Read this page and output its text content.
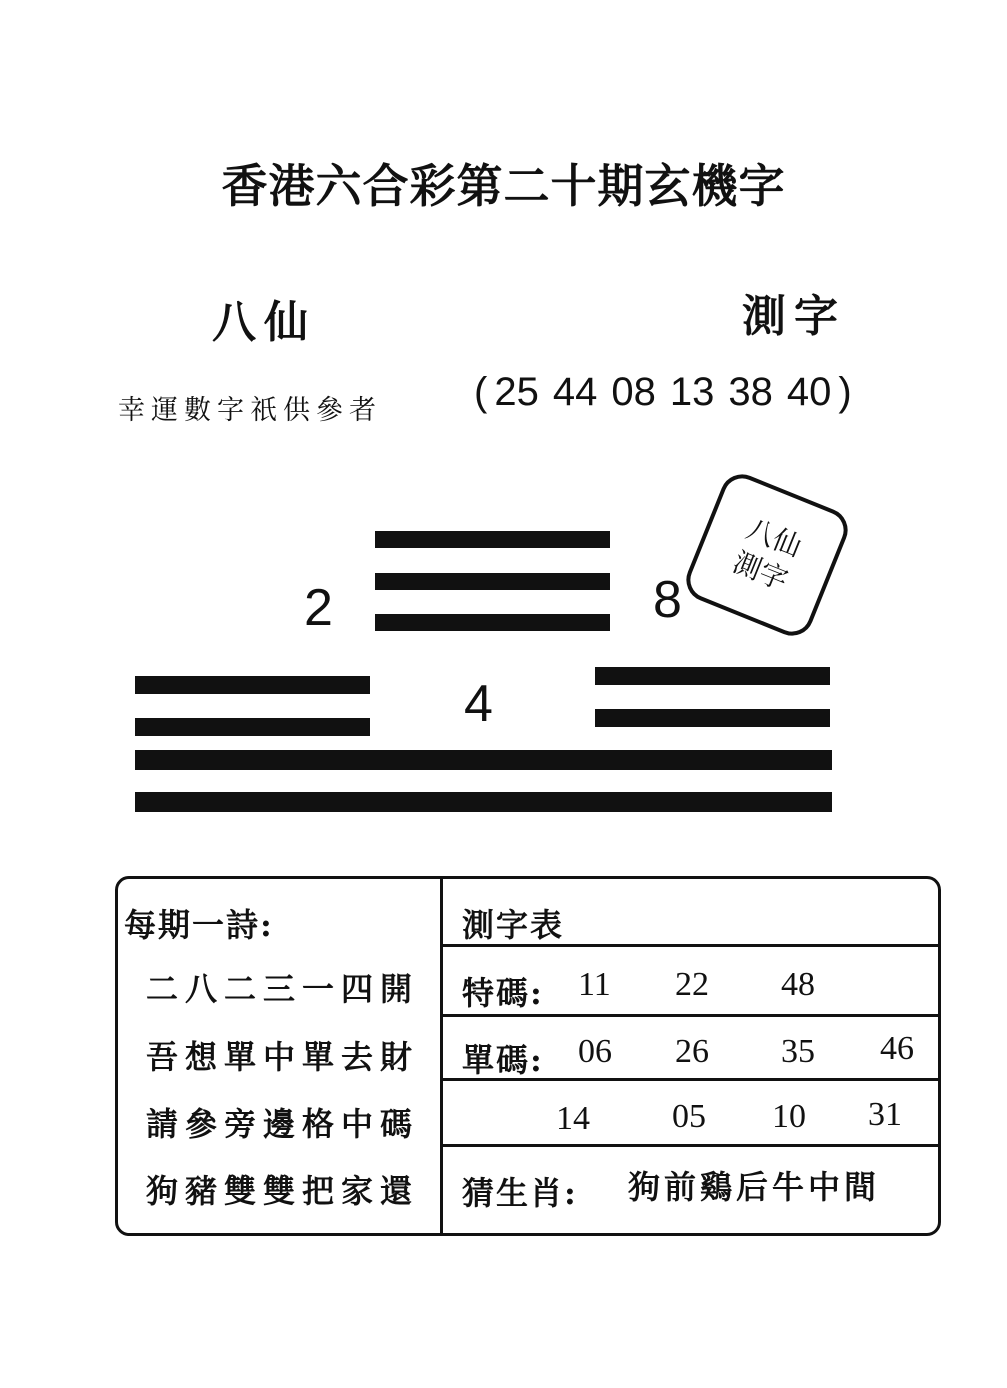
香港六合彩第二十期玄機字
八仙	測字
幸運數字祇供參者 ( 25 44 08 13 38 40 )
2	8
4
八仙
測字
每期一詩:
二八二三一四開
吾想單中單去財
請參旁邊格中碼
狗豬雙雙把家還
測字表
特碼: 11 22 48
單碼: 06 26 35 46
14 05 10 31
猜生肖: 狗前鷄后牛中間
